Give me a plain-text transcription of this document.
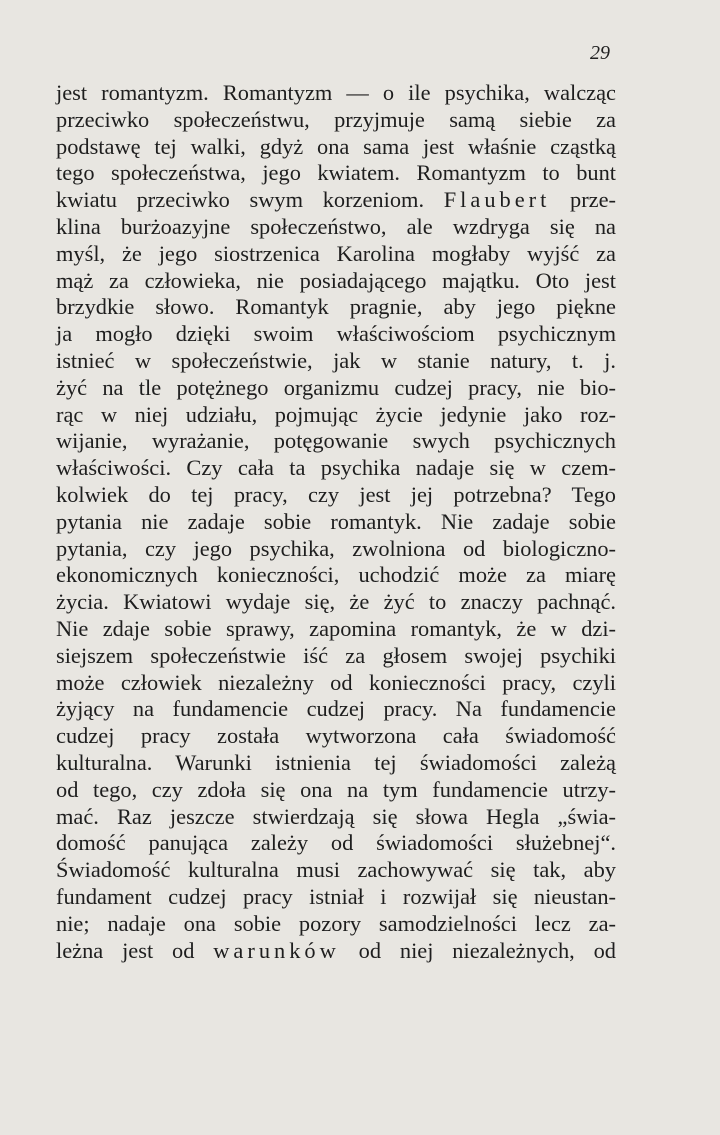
29
jest romantyzm. Romantyzm — o ile psychika, walcząc
przeciwko społeczeństwu, przyjmuje samą siebie za
podstawę tej walki, gdyż ona sama jest właśnie cząstką
tego społeczeństwa, jego kwiatem. Romantyzm to bunt
kwiatu przeciwko swym korzeniom. Flaubert prze-
klina burżoazyjne społeczeństwo, ale wzdryga się na
myśl, że jego siostrzenica Karolina mogłaby wyjść za
mąż za człowieka, nie posiadającego majątku. Oto jest
brzydkie słowo. Romantyk pragnie, aby jego piękne
ja mogło dzięki swoim właściwościom psychicznym
istnieć w społeczeństwie, jak w stanie natury, t. j.
żyć na tle potężnego organizmu cudzej pracy, nie bio-
rąc w niej udziału, pojmując życie jedynie jako roz-
wijanie, wyrażanie, potęgowanie swych psychicznych
właściwości. Czy cała ta psychika nadaje się w czem-
kolwiek do tej pracy, czy jest jej potrzebna? Tego
pytania nie zadaje sobie romantyk. Nie zadaje sobie
pytania, czy jego psychika, zwolniona od biologiczno-
ekonomicznych konieczności, uchodzić może za miarę
życia. Kwiatowi wydaje się, że żyć to znaczy pachnąć.
Nie zdaje sobie sprawy, zapomina romantyk, że w dzi-
siejszem społeczeństwie iść za głosem swojej psychiki
może człowiek niezależny od konieczności pracy, czyli
żyjący na fundamencie cudzej pracy. Na fundamencie
cudzej pracy została wytworzona cała świadomość
kulturalna. Warunki istnienia tej świadomości zależą
od tego, czy zdoła się ona na tym fundamencie utrzy-
mać. Raz jeszcze stwierdzają się słowa Hegla „świa-
domość panująca zależy od świadomości służebnej“.
Świadomość kulturalna musi zachowywać się tak, aby
fundament cudzej pracy istniał i rozwijał się nieustan-
nie; nadaje ona sobie pozory samodzielności lecz za-
leżna jest od warunków od niej niezależnych, od
